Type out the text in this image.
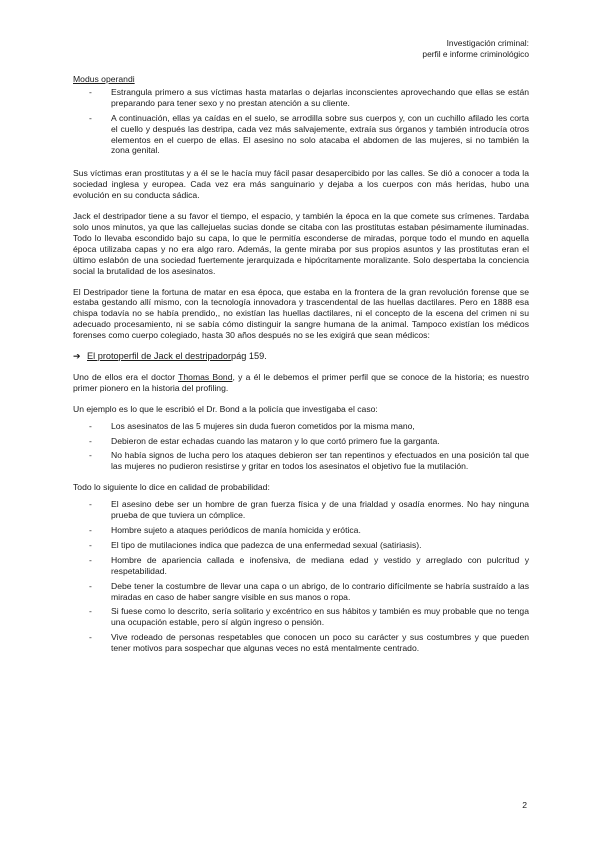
Investigación criminal:
perfil e informe criminológico
Modus operandi
- Estrangula primero a sus víctimas hasta matarlas o dejarlas inconscientes aprovechando que ellas se están preparando para tener sexo y no prestan atención a su cliente.
- A continuación, ellas ya caídas en el suelo, se arrodilla sobre sus cuerpos y, con un cuchillo afilado les corta el cuello y después las destripa, cada vez más salvajemente, extraía sus órganos y también introducía otros elementos en el cuerpo de ellas. El asesino no solo atacaba el abdomen de las mujeres, si no también la zona genital.

Sus víctimas eran prostitutas y a él se le hacía muy fácil pasar desapercibido por las calles. Se dió a conocer a toda la sociedad inglesa y europea. Cada vez era más sanguinario y dejaba a los cuerpos con más heridas, hubo una evolución en su conducta sádica.

Jack el destripador tiene a su favor el tiempo, el espacio, y también la época en la que comete sus crímenes. Tardaba solo unos minutos, ya que las callejuelas sucias donde se citaba con las prostitutas estaban pésimamente iluminadas. Todo lo llevaba escondido bajo su capa, lo que le permitía esconderse de miradas, porque todo el mundo en aquella época utilizaba capas y no era algo raro. Además, la gente miraba por sus propios asuntos y las prostitutas eran el último eslabón de una sociedad fuertemente jerarquizada e hipócritamente moralizante. Solo despertaba la conciencia social la brutalidad de los asesinatos.

El Destripador tiene la fortuna de matar en esa época, que estaba en la frontera de la gran revolución forense que se estaba gestando allí mismo, con la tecnología innovadora y trascendental de las huellas dactilares. Pero en 1888 esa chispa todavía no se había prendido,, no existían las huellas dactilares, ni el concepto de la escena del crimen ni su adecuado procesamiento, ni se sabía cómo distinguir la sangre humana de la animal. Tampoco existían los médicos forenses como cuerpo colegiado, hasta 30 años después no se les exigirá que sean médicos:

➔ El protoperfil de Jack el destripador pág 159.

Uno de ellos era el doctor Thomas Bond, y a él le debemos el primer perfil que se conoce de la historia; es nuestro primer pionero en la historia del profiling.

Un ejemplo es lo que le escribió el Dr. Bond a la policía que investigaba el caso:
- Los asesinatos de las 5 mujeres sin duda fueron cometidos por la misma mano,
- Debieron de estar echadas cuando las mataron y lo que cortó primero fue la garganta.
- No había signos de lucha pero los ataques debieron ser tan repentinos y efectuados en una posición tal que las mujeres no pudieron resistirse y gritar en todos los asesinatos el objetivo fue la mutilación.
Todo lo siguiente lo dice en calidad de probabilidad:
- El asesino debe ser un hombre de gran fuerza física y de una frialdad y osadía enormes. No hay ninguna prueba de que tuviera un cómplice.
- Hombre sujeto a ataques periódicos de manía homicida y erótica.
- El tipo de mutilaciones indica que padezca de una enfermedad sexual (satiriasis).
- Hombre de apariencia callada e inofensiva, de mediana edad y vestido y arreglado con pulcritud y respetabilidad.
- Debe tener la costumbre de llevar una capa o un abrigo, de lo contrario difícilmente se habría sustraído a las miradas en caso de haber sangre visible en sus manos o ropa.
- Si fuese como lo descrito, sería solitario y excéntrico en sus hábitos y también es muy probable que no tenga una ocupación estable, pero sí algún ingreso o pensión.
- Vive rodeado de personas respetables que conocen un poco su carácter y sus costumbres y que pueden tener motivos para sospechar que algunas veces no está mentalmente centrado.
2
